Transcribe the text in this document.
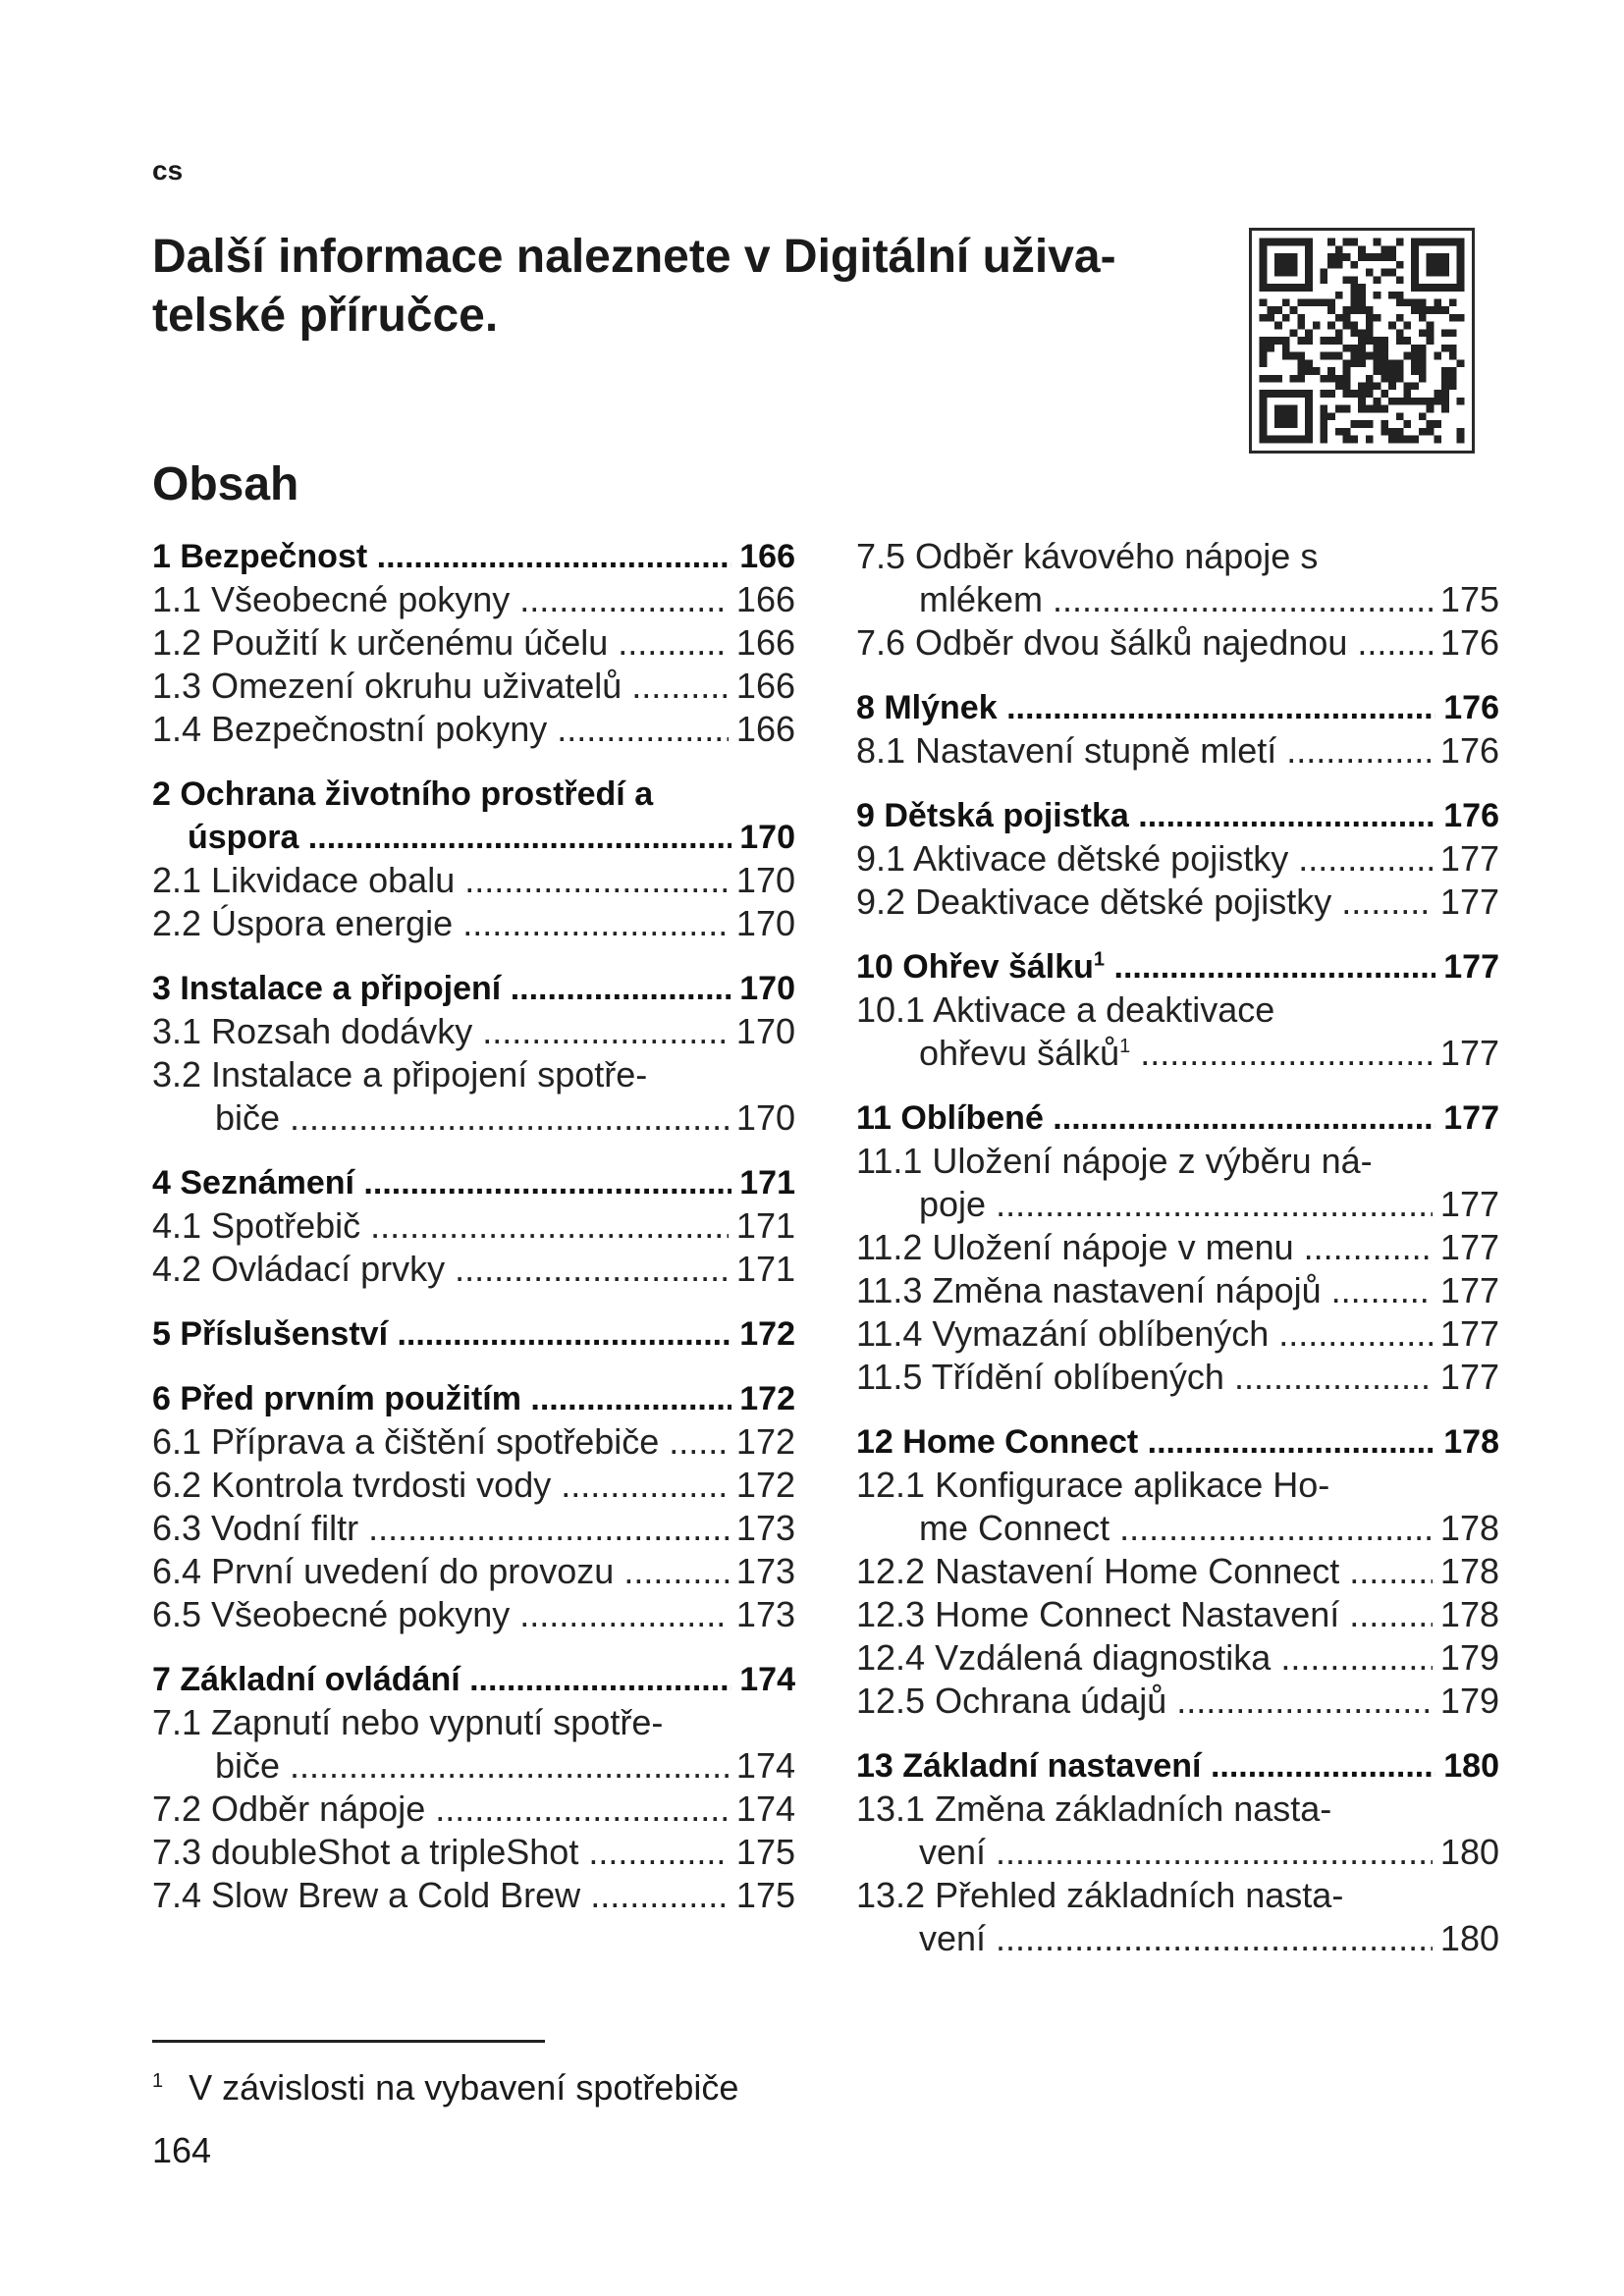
cs
Další informace naleznete v Digitální uživa-
telské příručce.
Obsah
1 Bezpečnost .....	166
1.1 Všeobecné pokyny .....	166
1.2 Použití k určenému účelu .....	166
1.3 Omezení okruhu uživatelů .....	166
1.4 Bezpečnostní pokyny .....	166
2 Ochrana životního prostředí a
úspora .....	170
2.1 Likvidace obalu .....	170
2.2 Úspora energie .....	170
3 Instalace a připojení .....	170
3.1 Rozsah dodávky .....	170
3.2 Instalace a připojení spotře-
biče .....	170
4 Seznámení .....	171
4.1 Spotřebič .....	171
4.2 Ovládací prvky .....	171
5 Příslušenství .....	172
6 Před prvním použitím .....	172
6.1 Příprava a čištění spotřebiče .....	172
6.2 Kontrola tvrdosti vody .....	172
6.3 Vodní filtr .....	173
6.4 První uvedení do provozu .....	173
6.5 Všeobecné pokyny .....	173
7 Základní ovládání .....	174
7.1 Zapnutí nebo vypnutí spotře-
biče .....	174
7.2 Odběr nápoje .....	174
7.3 doubleShot a tripleShot .....	175
7.4 Slow Brew a Cold Brew .....	175
7.5 Odběr kávového nápoje s
mlékem .....	175
7.6 Odběr dvou šálků najednou .....	176
8 Mlýnek .....	176
8.1 Nastavení stupně mletí .....	176
9 Dětská pojistka .....	176
9.1 Aktivace dětské pojistky .....	177
9.2 Deaktivace dětské pojistky .....	177
10 Ohřev šálku$^1$ .....	177
10.1 Aktivace a deaktivace
ohřevu šálků$^1$ .....	177
11 Oblíbené .....	177
11.1 Uložení nápoje z výběru ná-
poje .....	177
11.2 Uložení nápoje v menu .....	177
11.3 Změna nastavení nápojů .....	177
11.4 Vymazání oblíbených .....	177
11.5 Třídění oblíbených .....	177
12 Home Connect .....	178
12.1 Konfigurace aplikace Ho-
me Connect .....	178
12.2 Nastavení Home Connect .....	178
12.3 Home Connect Nastavení .....	178
12.4 Vzdálená diagnostika .....	179
12.5 Ochrana údajů .....	179
13 Základní nastavení .....	180
13.1 Změna základních nasta-
vení .....	180
13.2 Přehled základních nasta-
vení .....	180
$^1$ V závislosti na vybavení spotřebiče
164
